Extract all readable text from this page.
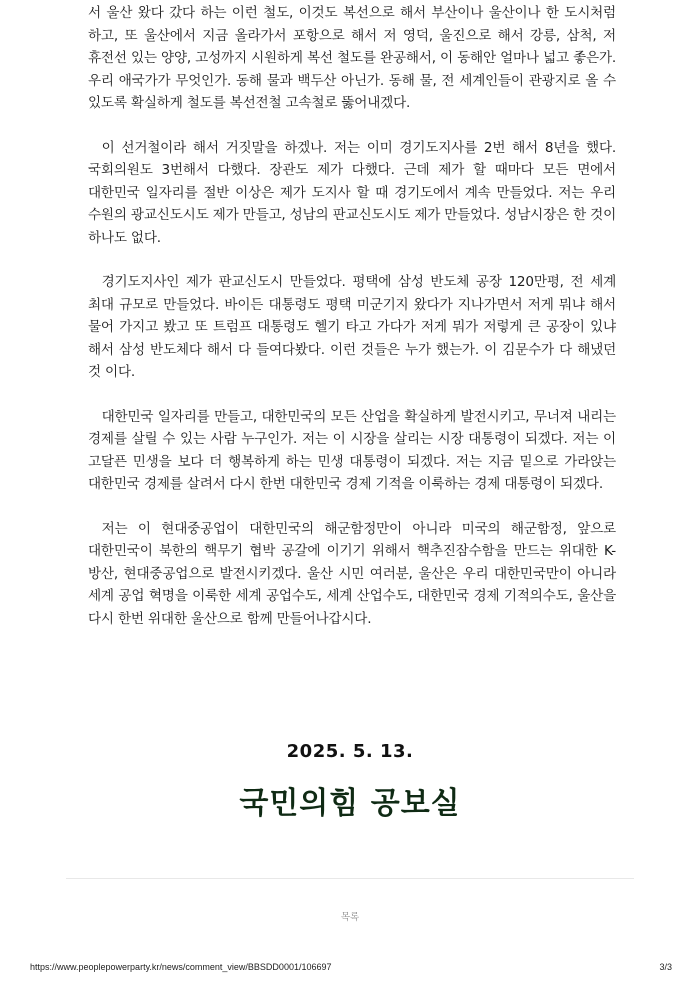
서 울산 왔다 갔다 하는 이런 철도, 이것도 복선으로 해서 부산이나 울산이나 한 도시처럼 하고, 또 울산에서 지금 올라가서 포항으로 해서 저 영덕, 울진으로 해서 강릉, 삼척, 저 휴전선 있는 양양, 고성까지 시원하게 복선 철도를 완공해서, 이 동해안 얼마나 넓고 좋은가. 우리 애국가가 무엇인가. 동해 물과 백두산 아닌가. 동해 물, 전 세계인들이 관광지로 올 수 있도록 확실하게 철도를 복선전철 고속철로 뚫어내겠다.

이 선거철이라 해서 거짓말을 하겠나. 저는 이미 경기도지사를 2번 해서 8년을 했다. 국회의원도 3번해서 다했다. 장관도 제가 다했다. 근데 제가 할 때마다 모든 면에서 대한민국 일자리를 절반 이상은 제가 도지사 할 때 경기도에서 계속 만들었다. 저는 우리 수원의 광교신도시도 제가 만들고, 성남의 판교신도시도 제가 만들었다. 성남시장은 한 것이 하나도 없다.

경기도지사인 제가 판교신도시 만들었다. 평택에 삼성 반도체 공장 120만평, 전 세계 최대 규모로 만들었다. 바이든 대통령도 평택 미군기지 왔다가 지나가면서 저게 뭐냐 해서 물어 가지고 봤고 또 트럼프 대통령도 헬기 타고 가다가 저게 뭐가 저렇게 큰 공장이 있냐 해서 삼성 반도체다 해서 다 들여다봤다. 이런 것들은 누가 했는가. 이 김문수가 다 해냈던 것 이다.

대한민국 일자리를 만들고, 대한민국의 모든 산업을 확실하게 발전시키고, 무너져 내리는 경제를 살릴 수 있는 사람 누구인가. 저는 이 시장을 살리는 시장 대통령이 되겠다. 저는 이 고달픈 민생을 보다 더 행복하게 하는 민생 대통령이 되겠다. 저는 지금 밑으로 가라앉는 대한민국 경제를 살려서 다시 한번 대한민국 경제 기적을 이룩하는 경제 대통령이 되겠다.

저는 이 현대중공업이 대한민국의 해군함정만이 아니라 미국의 해군함정, 앞으로 대한민국이 북한의 핵무기 협박 공갈에 이기기 위해서 핵추진잠수함을 만드는 위대한 K-방산, 현대중공업으로 발전시키겠다. 울산 시민 여러분, 울산은 우리 대한민국만이 아니라 세계 공업 혁명을 이룩한 세계 공업수도, 세계 산업수도, 대한민국 경제 기적의수도, 울산을 다시 한번 위대한 울산으로 함께 만들어나갑시다.

2025. 5. 13.
국민의힘 공보실
목록
https://www.peoplepowerparty.kr/news/comment_view/BBSDD0001/106697	3/3
